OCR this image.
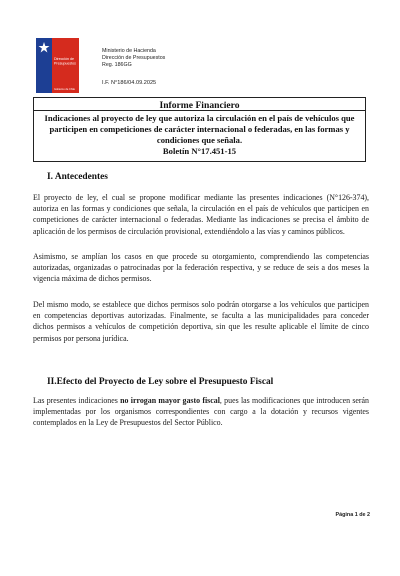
Dirección de
Presupuestos
Gobierno de Chile
Ministerio de Hacienda
Dirección de Presupuestos
Reg. 186GG
I.F. N°186/04.09.2025
Informe Financiero
Indicaciones al proyecto de ley que autoriza la circulación en el país de vehículos que participen en competiciones de carácter internacional o federadas, en las formas y condiciones que señala.
Boletín N°17.451-15
I. Antecedentes
El proyecto de ley, el cual se propone modificar mediante las presentes indicaciones (N°126-374), autoriza en las formas y condiciones que señala, la circulación en el país de vehículos que participen en competiciones de carácter internacional o federadas. Mediante las indicaciones se precisa el ámbito de aplicación de los permisos de circulación provisional, extendiéndolo a las vías y caminos públicos.
Asimismo, se amplían los casos en que procede su otorgamiento, comprendiendo las competencias autorizadas, organizadas o patrocinadas por la federación respectiva, y se reduce de seis a dos meses la vigencia máxima de dichos permisos.
Del mismo modo, se establece que dichos permisos solo podrán otorgarse a los vehículos que participen en competencias deportivas autorizadas. Finalmente, se faculta a las municipalidades para conceder dichos permisos a vehículos de competición deportiva, sin que les resulte aplicable el límite de cinco permisos por persona jurídica.
II.Efecto del Proyecto de Ley sobre el Presupuesto Fiscal
Las presentes indicaciones no irrogan mayor gasto fiscal, pues las modificaciones que introducen serán implementadas por los organismos correspondientes con cargo a la dotación y recursos vigentes contemplados en la Ley de Presupuestos del Sector Público.
Página 1 de 2
